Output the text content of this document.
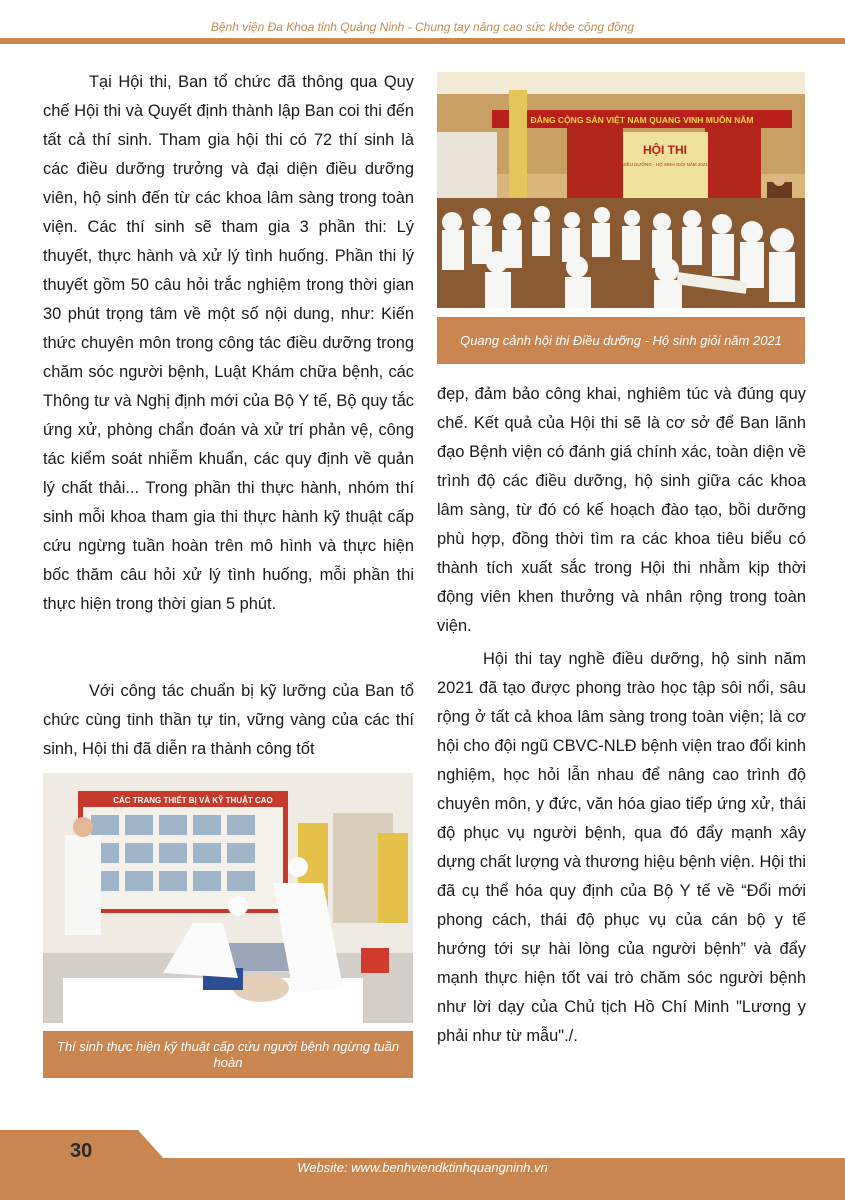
Bệnh viện Đa Khoa tỉnh Quảng Ninh - Chung tay nâng cao sức khỏe cộng đồng

Tại Hội thi, Ban tổ chức đã thông qua Quy chế Hội thi và Quyết định thành lập Ban coi thi đến tất cả thí sinh. Tham gia hội thi có 72 thí sinh là các điều dưỡng trưởng và đại diện điều dưỡng viên, hộ sinh đến từ các khoa lâm sàng trong toàn viện. Các thí sinh sẽ tham gia 3 phần thi: Lý thuyết, thực hành và xử lý tình huống. Phần thi lý thuyết gồm 50 câu hỏi trắc nghiệm trong thời gian 30 phút trọng tâm về một số nội dung, như: Kiến thức chuyên môn trong công tác điều dưỡng trong chăm sóc người bệnh, Luật Khám chữa bệnh, các Thông tư và Nghị định mới của Bộ Y tế, Bộ quy tắc ứng xử, phòng chẩn đoán và xử trí phản vệ, công tác kiểm soát nhiễm khuẩn, các quy định về quản lý chất thải... Trong phần thi thực hành, nhóm thí sinh mỗi khoa tham gia thi thực hành kỹ thuật cấp cứu ngừng tuần hoàn trên mô hình và thực hiện bốc thăm câu hỏi xử lý tình huống, mỗi phần thi thực hiện trong thời gian 5 phút.

Với công tác chuẩn bị kỹ lưỡng của Ban tổ chức cùng tinh thần tự tin, vững vàng của các thí sinh, Hội thi đã diễn ra thành công tốt

ĐẢNG CỘNG SẢN VIỆT NAM QUANG VINH MUÔN NĂM
HỘI THI
ĐIỀU DƯỠNG - HỘ SINH GIỎI NĂM 2021
Quang cảnh hội thi Điều dưỡng - Hộ sinh giỏi năm 2021

đẹp, đảm bảo công khai, nghiêm túc và đúng quy chế. Kết quả của Hội thi sẽ là cơ sở để Ban lãnh đạo Bệnh viện có đánh giá chính xác, toàn diện về trình độ các điều dưỡng, hộ sinh giữa các khoa lâm sàng, từ đó có kế hoạch đào tạo, bồi dưỡng phù hợp, đồng thời tìm ra các khoa tiêu biểu có thành tích xuất sắc trong Hội thi nhằm kịp thời động viên khen thưởng và nhân rộng trong toàn viện.

Hội thi tay nghề điều dưỡng, hộ sinh năm 2021 đã tạo được phong trào học tập sôi nổi, sâu rộng ở tất cả khoa lâm sàng trong toàn viện; là cơ hội cho đội ngũ CBVC-NLĐ bệnh viện trao đổi kinh nghiệm, học hỏi lẫn nhau để nâng cao trình độ chuyên môn, y đức, văn hóa giao tiếp ứng xử, thái độ phục vụ người bệnh, qua đó đẩy mạnh xây dựng chất lượng và thương hiệu bệnh viện. Hội thi đã cụ thể hóa quy định của Bộ Y tế về “Đổi mới phong cách, thái độ phục vụ của cán bộ y tế hướng tới sự hài lòng của người bệnh” và đẩy mạnh thực hiện tốt vai trò chăm sóc người bệnh như lời dạy của Chủ tịch Hồ Chí Minh "Lương y phải như từ mẫu"./.

CÁC TRANG THIẾT BỊ VÀ KỸ THUẬT CAO
Thí sinh thực hiện kỹ thuật cấp cứu người bệnh ngừng tuần hoàn
30
Website: www.benhviendktinhquangninh.vn
